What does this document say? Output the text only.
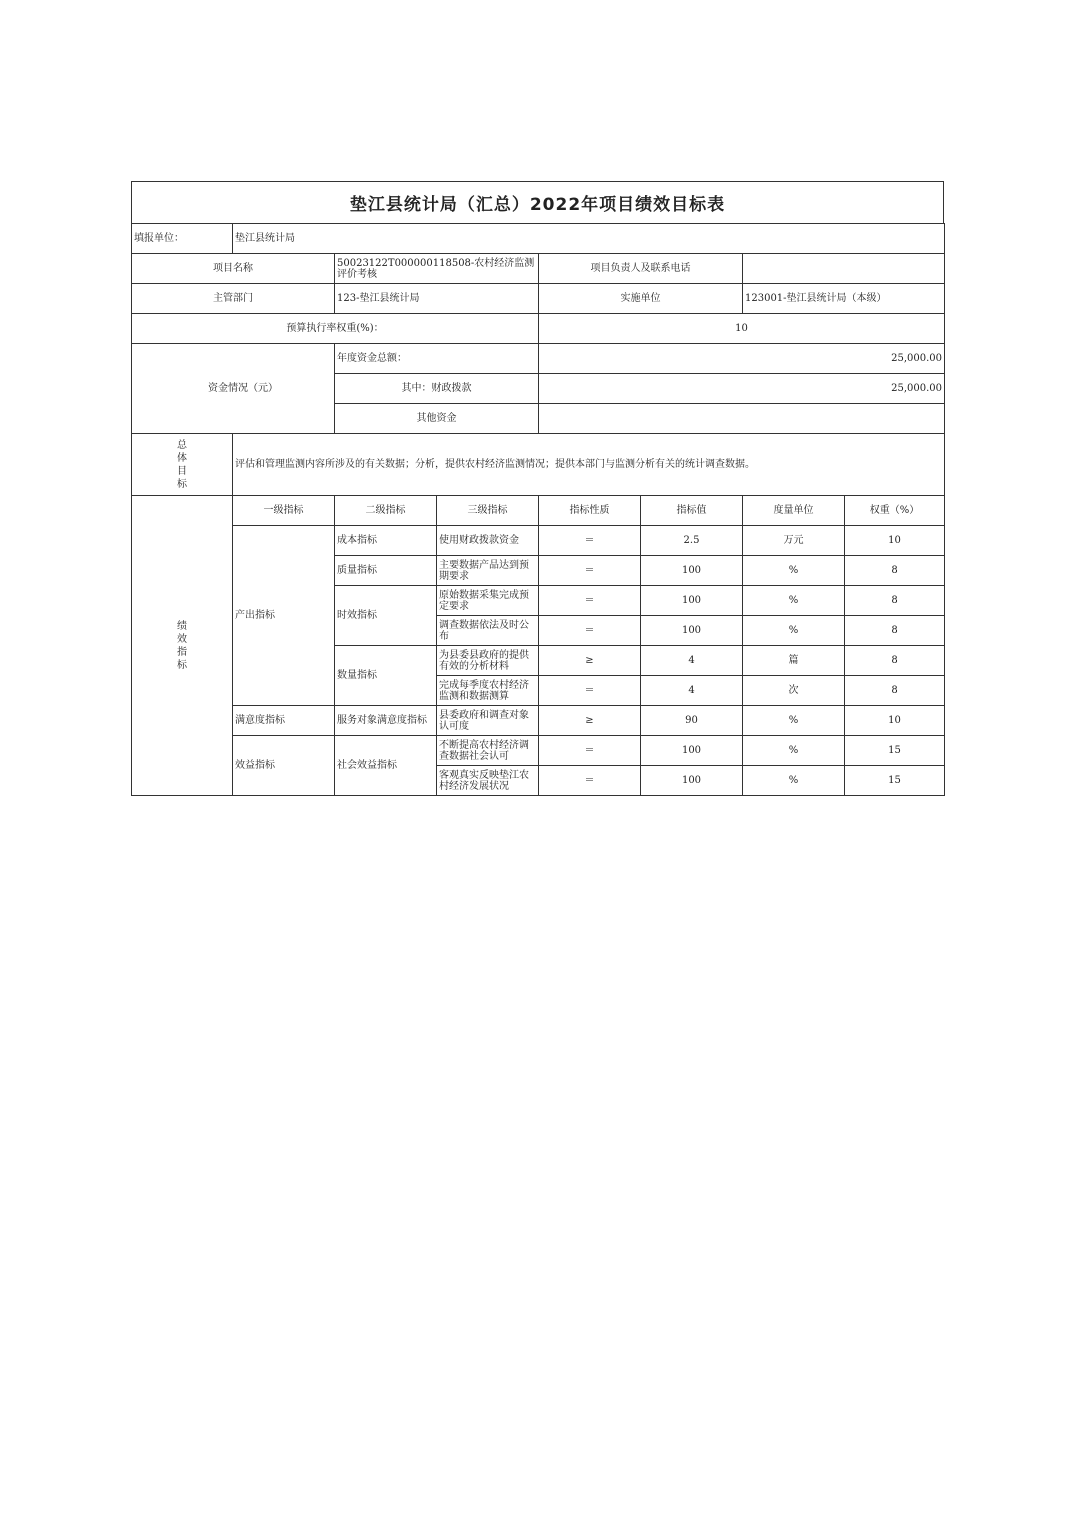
垫江县统计局（汇总）2022年项目绩效目标表
填报单位：	垫江县统计局						
项目名称		50023122T000000118508-农村经济监测评价考核		项目负责人及联系电话			
主管部门		123-垫江县统计局		实施单位		123001-垫江县统计局（本级）	
预算执行率权重(%)：				10			
资金情况（元）		年度资金总额：		25,000.00			
		其中：财政拨款		25,000.00			
		其他资金					
总体目标	评估和管理监测内容所涉及的有关数据；分析，提供农村经济监测情况；提供本部门与监测分析有关的统计调查数据。						
绩效指标	一级指标	二级指标	三级指标	指标性质	指标值	度量单位	权重（%）
	产出指标	成本指标	使用财政拨款资金	＝	2.5	万元	10
		质量指标	主要数据产品达到预期要求	＝	100	%	8
		时效指标	原始数据采集完成预定要求	＝	100	%	8
			调查数据依法及时公布	＝	100	%	8
		数量指标	为县委县政府的提供有效的分析材料	≥	4	篇	8
			完成每季度农村经济监测和数据测算	＝	4	次	8
	满意度指标	服务对象满意度指标	县委政府和调查对象认可度	≥	90	%	10
	效益指标	社会效益指标	不断提高农村经济调查数据社会认可	＝	100	%	15
			客观真实反映垫江农村经济发展状况	＝	100	%	15
